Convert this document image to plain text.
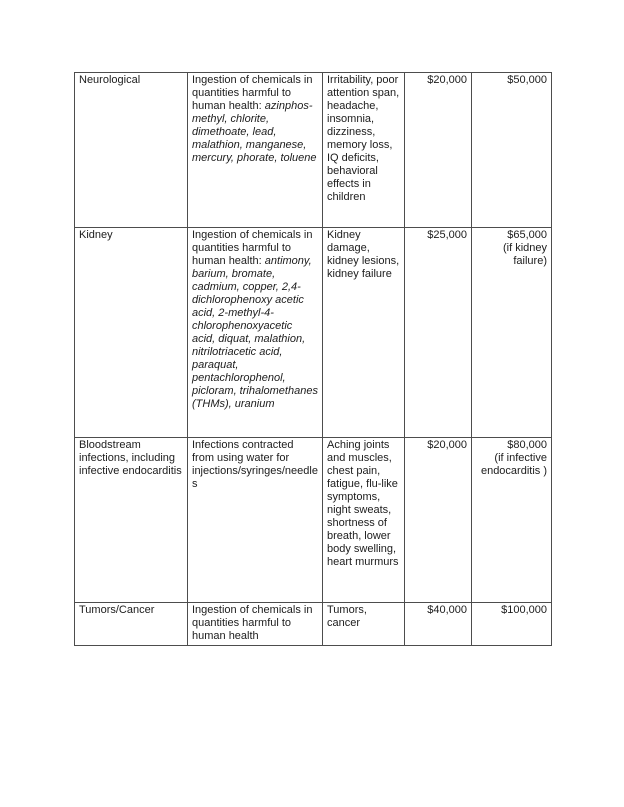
Neurological	Ingestion of chemicals in quantities harmful to human health: azinphos-methyl, chlorite, dimethoate, lead, malathion, manganese, mercury, phorate, toluene	Irritability, poor attention span, headache, insomnia, dizziness, memory loss, IQ deficits, behavioral effects in children	$20,000	$50,000

Kidney	Ingestion of chemicals in quantities harmful to human health: antimony, barium, bromate, cadmium, copper, 2,4-dichlorophenoxy acetic acid, 2-methyl-4-chlorophenoxyacetic acid, diquat, malathion, nitrilotriacetic acid, paraquat, pentachlorophenol, picloram, trihalomethanes (THMs), uranium	Kidney damage, kidney lesions, kidney failure	$25,000	$65,000
(if kidney failure)

Bloodstream infections, including infective endocarditis	Infections contracted from using water for injections/syringes/needles	Aching joints and muscles, chest pain, fatigue, flu-like symptoms, night sweats, shortness of breath, lower body swelling, heart murmurs	$20,000	$80,000
(if infective endocarditis )

Tumors/Cancer	Ingestion of chemicals in quantities harmful to human health	Tumors, cancer	$40,000	$100,000
